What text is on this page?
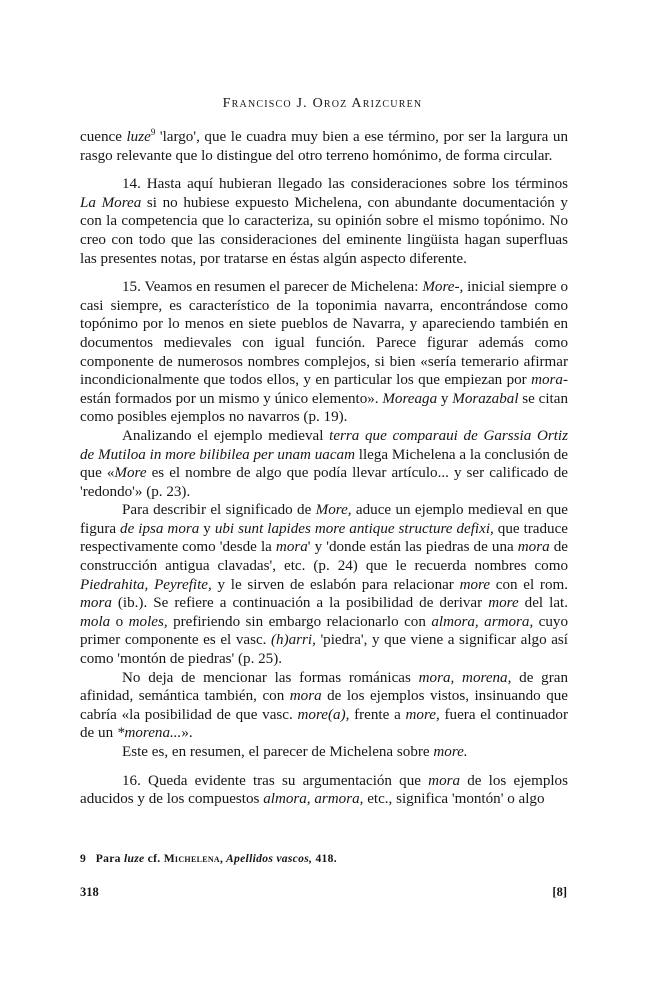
Francisco J. Oroz Arizcuren

cuence luze$^9$ 'largo', que le cuadra muy bien a ese término, por ser la largura un rasgo relevante que lo distingue del otro terreno homónimo, de forma circular.

14. Hasta aquí hubieran llegado las consideraciones sobre los términos La Morea si no hubiese expuesto Michelena, con abundante documentación y con la competencia que lo caracteriza, su opinión sobre el mismo topónimo. No creo con todo que las consideraciones del eminente lingüista hagan superfluas las presentes notas, por tratarse en éstas algún aspecto diferente.

15. Veamos en resumen el parecer de Michelena: More-, inicial siempre o casi siempre, es característico de la toponimia navarra, encontrándose como topónimo por lo menos en siete pueblos de Navarra, y apareciendo también en documentos medievales con igual función. Parece figurar además como componente de numerosos nombres complejos, si bien «sería temerario afirmar incondicionalmente que todos ellos, y en particular los que empiezan por mora- están formados por un mismo y único elemento». Moreaga y Morazabal se citan como posibles ejemplos no navarros (p. 19).

Analizando el ejemplo medieval terra que comparaui de Garssia Ortiz de Mutiloa in more bilibilea per unam uacam llega Michelena a la conclusión de que «More es el nombre de algo que podía llevar artículo... y ser calificado de 'redondo'» (p. 23).

Para describir el significado de More, aduce un ejemplo medieval en que figura de ipsa mora y ubi sunt lapides more antique structure defixi, que traduce respectivamente como 'desde la mora' y 'donde están las piedras de una mora de construcción antigua clavadas', etc. (p. 24) que le recuerda nombres como Piedrahita, Peyrefite, y le sirven de eslabón para relacionar more con el rom. mora (ib.). Se refiere a continuación a la posibilidad de derivar more del lat. mola o moles, prefiriendo sin embargo relacionarlo con almora, armora, cuyo primer componente es el vasc. (h)arri, 'piedra', y que viene a significar algo así como 'montón de piedras' (p. 25).

No deja de mencionar las formas románicas mora, morena, de gran afinidad, semántica también, con mora de los ejemplos vistos, insinuando que cabría «la posibilidad de que vasc. more(a), frente a more, fuera el continuador de un *morena...».

Este es, en resumen, el parecer de Michelena sobre more.

16. Queda evidente tras su argumentación que mora de los ejemplos aducidos y de los compuestos almora, armora, etc., significa 'montón' o algo

9 Para luze cf. Michelena, Apellidos vascos, 418.
318	[8]
